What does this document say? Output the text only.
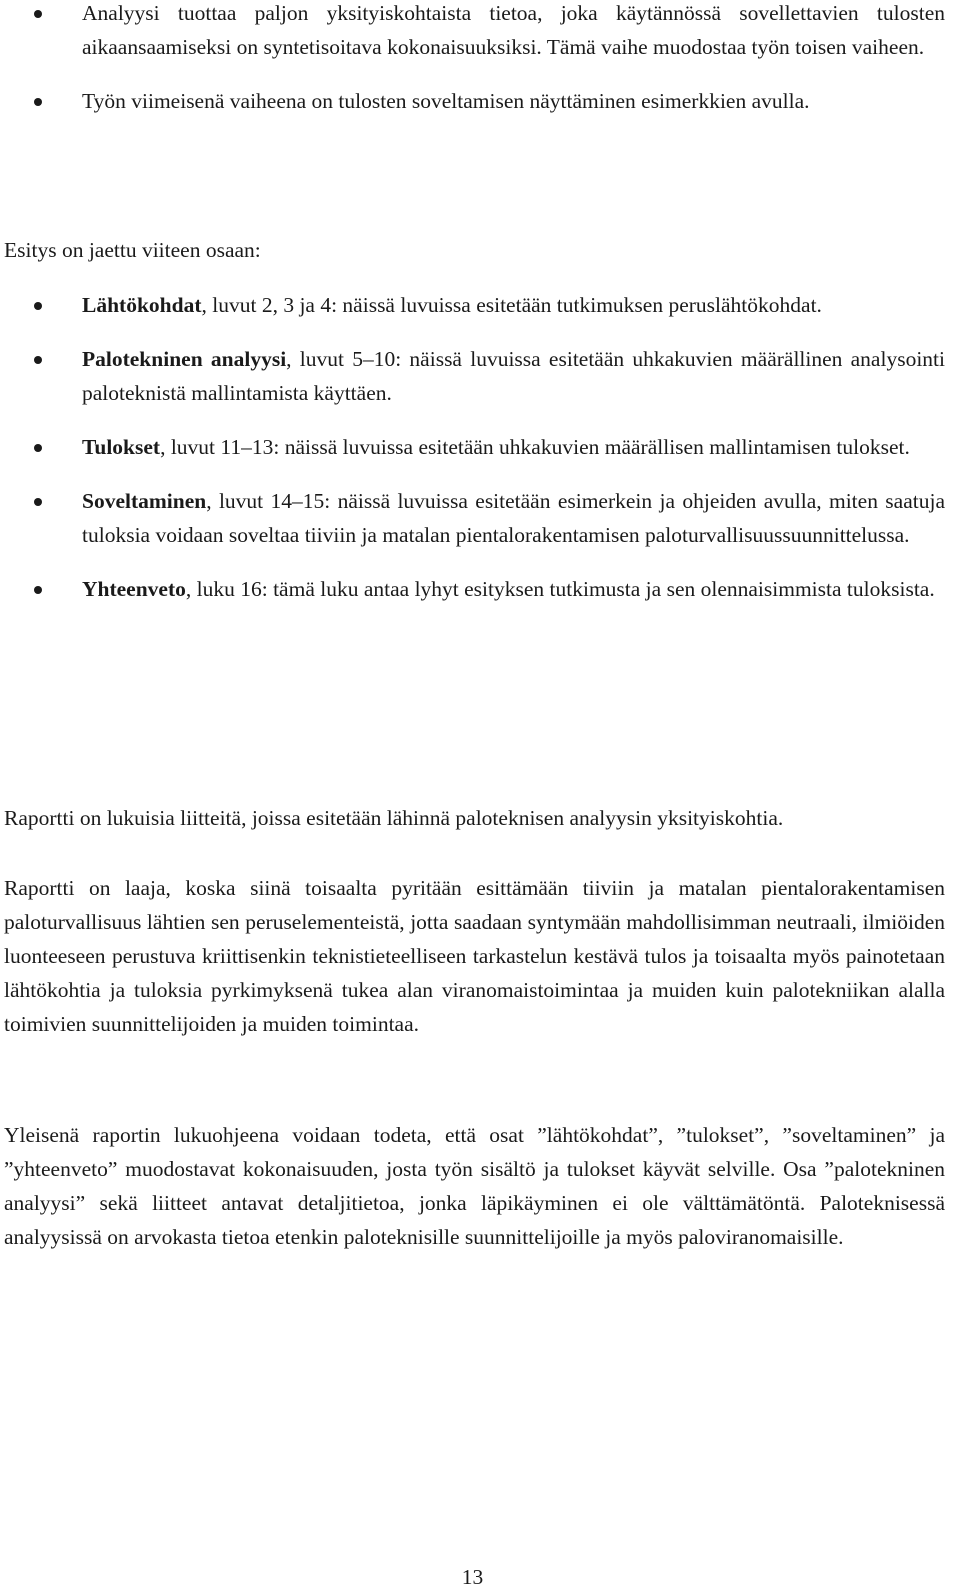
Analyysi tuottaa paljon yksityiskohtaista tietoa, joka käytännössä sovellettavien tulosten aikaansaamiseksi on syntetisoitava kokonaisuuksiksi. Tämä vaihe muodostaa työn toisen vaiheen.
Työn viimeisenä vaiheena on tulosten soveltamisen näyttäminen esimerkkien avulla.

Esitys on jaettu viiteen osaan:

Lähtökohdat, luvut 2, 3 ja 4: näissä luvuissa esitetään tutkimuksen peruslähtökohdat.
Palotekninen analyysi, luvut 5–10: näissä luvuissa esitetään uhkakuvien määrällinen analysointi paloteknistä mallintamista käyttäen.
Tulokset, luvut 11–13: näissä luvuissa esitetään uhkakuvien määrällisen mallintamisen tulokset.
Soveltaminen, luvut 14–15: näissä luvuissa esitetään esimerkein ja ohjeiden avulla, miten saatuja tuloksia voidaan soveltaa tiiviin ja matalan pientalorakentamisen paloturvallisuussuunnittelussa.
Yhteenveto, luku 16: tämä luku antaa lyhyt esityksen tutkimusta ja sen olennaisimmista tuloksista.

Raportti on lukuisia liitteitä, joissa esitetään lähinnä paloteknisen analyysin yksityiskohtia.

Raportti on laaja, koska siinä toisaalta pyritään esittämään tiiviin ja matalan pientalorakentamisen paloturvallisuus lähtien sen peruselementeistä, jotta saadaan syntymään mahdollisimman neutraali, ilmiöiden luonteeseen perustuva kriittisenkin teknistieteelliseen tarkastelun kestävä tulos ja toisaalta myös painotetaan lähtökohtia ja tuloksia pyrkimyksenä tukea alan viranomaistoimintaa ja muiden kuin palotekniikan alalla toimivien suunnittelijoiden ja muiden toimintaa.

Yleisenä raportin lukuohjeena voidaan todeta, että osat ”lähtökohdat”, ”tulokset”, ”soveltaminen” ja ”yhteenveto” muodostavat kokonaisuuden, josta työn sisältö ja tulokset käyvät selville. Osa ”palotekninen analyysi” sekä liitteet antavat detaljitietoa, jonka läpikäyminen ei ole välttämätöntä. Paloteknisessä analyysissä on arvokasta tietoa etenkin paloteknisille suunnittelijoille ja myös paloviranomaisille.

13
